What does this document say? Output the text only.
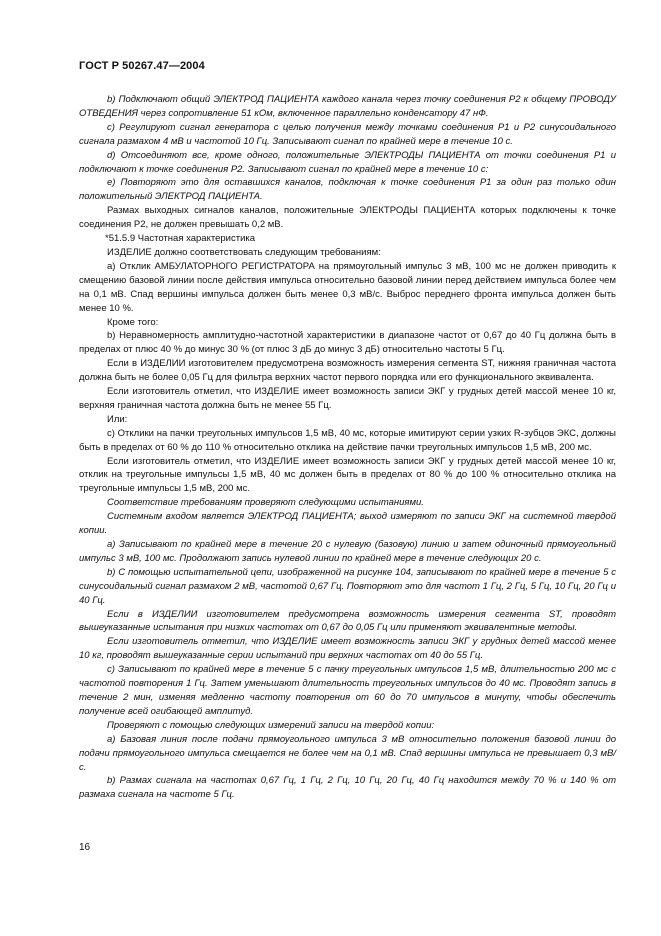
ГОСТ Р 50267.47—2004

b) Подключают общий ЭЛЕКТРОД ПАЦИЕНТА каждого канала через точку соединения Р2 к общему ПРОВОДУ ОТВЕДЕНИЯ через сопротивление 51 кОм, включенное параллельно конденсатору 47 нФ.

c) Регулируют сигнал генератора с целью получения между точками соединения Р1 и Р2 синусоидального сигнала размахом 4 мВ и частотой 10 Гц. Записывают сигнал по крайней мере в течение 10 с.

d) Отсоединяют все, кроме одного, положительные ЭЛЕКТРОДЫ ПАЦИЕНТА от точки соединения Р1 и подключают к точке соединения Р2. Записывают сигнал по крайней мере в течение 10 с:

e) Повторяют это для оставшихся каналов, подключая к точке соединения Р1 за один раз только один положительный ЭЛЕКТРОД ПАЦИЕНТА.

Размах выходных сигналов каналов, положительные ЭЛЕКТРОДЫ ПАЦИЕНТА которых подключены к точке соединения Р2, не должен превышать 0,2 мВ.

*51.5.9 Частотная характеристика

ИЗДЕЛИЕ должно соответствовать следующим требованиям:

a) Отклик АМБУЛАТОРНОГО РЕГИСТРАТОРА на прямоугольный импульс 3 мВ, 100 мс не должен приводить к смещению базовой линии после действия импульса относительно базовой линии перед действием импульса более чем на 0,1 мВ. Спад вершины импульса должен быть менее 0,3 мВ/с. Выброс переднего фронта импульса должен быть менее 10 %.

Кроме того:

b) Неравномерность амплитудно-частотной характеристики в диапазоне частот от 0,67 до 40 Гц должна быть в пределах от плюс 40 % до минус 30 % (от плюс 3 дБ до минус 3 дБ) относительно частоты 5 Гц.

Если в ИЗДЕЛИИ изготовителем предусмотрена возможность измерения сегмента ST, нижняя граничная частота должна быть не более 0,05 Гц для фильтра верхних частот первого порядка или его функционального эквивалента.

Если изготовитель отметил, что ИЗДЕЛИЕ имеет возможность записи ЭКГ у грудных детей массой менее 10 кг, верхняя граничная частота должна быть не менее 55 Гц.

Или:

c) Отклики на пачки треугольных импульсов 1,5 мВ, 40 мс, которые имитируют серии узких R-зубцов ЭКС, должны быть в пределах от 60 % до 110 % относительно отклика на действие пачки треугольных импульсов 1,5 мВ, 200 мс.

Если изготовитель отметил, что ИЗДЕЛИЕ имеет возможность записи ЭКГ у грудных детей массой менее 10 кг, отклик на треугольные импульсы 1,5 мВ, 40 мс должен быть в пределах от 80 % до 100 % относительно отклика на треугольные импульсы 1,5 мВ, 200 мс.

Соответствие требованиям проверяют следующими испытаниями.

Системным входом является ЭЛЕКТРОД ПАЦИЕНТА; выход измеряют по записи ЭКГ на системной твердой копии.

a) Записывают по крайней мере в течение 20 с нулевую (базовую) линию и затем одиночный прямоугольный импульс 3 мВ, 100 мс. Продолжают запись нулевой линии по крайней мере в течение следующих 20 с.

b) С помощью испытательной цепи, изображенной на рисунке 104, записывают по крайней мере в течение 5 с синусоидальный сигнал размахом 2 мВ, частотой 0,67 Гц. Повторяют это для частот 1 Гц, 2 Гц, 5 Гц, 10 Гц, 20 Гц и 40 Гц.

Если в ИЗДЕЛИИ изготовителем предусмотрена возможность измерения сегмента ST, проводят вышеуказанные испытания при низких частотах от 0,67 до 0,05 Гц или применяют эквивалентные методы.

Если изготовитель отметил, что ИЗДЕЛИЕ имеет возможность записи ЭКГ у грудных детей массой менее 10 кг, проводят вышеуказанные серии испытаний при верхних частотах от 40 до 55 Гц.

c) Записывают по крайней мере в течение 5 с пачку треугольных импульсов 1,5 мВ, длительностью 200 мс с частотой повторения 1 Гц. Затем уменьшают длительность треугольных импульсов до 40 мс. Проводят запись в течение 2 мин, изменяя медленно частоту повторения от 60 до 70 импульсов в минуту, чтобы обеспечить получение всей огибающей амплитуд.

Проверяют с помощью следующих измерений записи на твердой копии:

a) Базовая линия после подачи прямоугольного импульса 3 мВ относительно положения базовой линии до подачи прямоугольного импульса смещается не более чем на 0,1 мВ. Спад вершины импульса не превышает 0,3 мВ/с.

b) Размах сигнала на частотах 0,67 Гц, 1 Гц, 2 Гц, 10 Гц, 20 Гц, 40 Гц находится между 70 % и 140 % от размаха сигнала на частоте 5 Гц.

16
